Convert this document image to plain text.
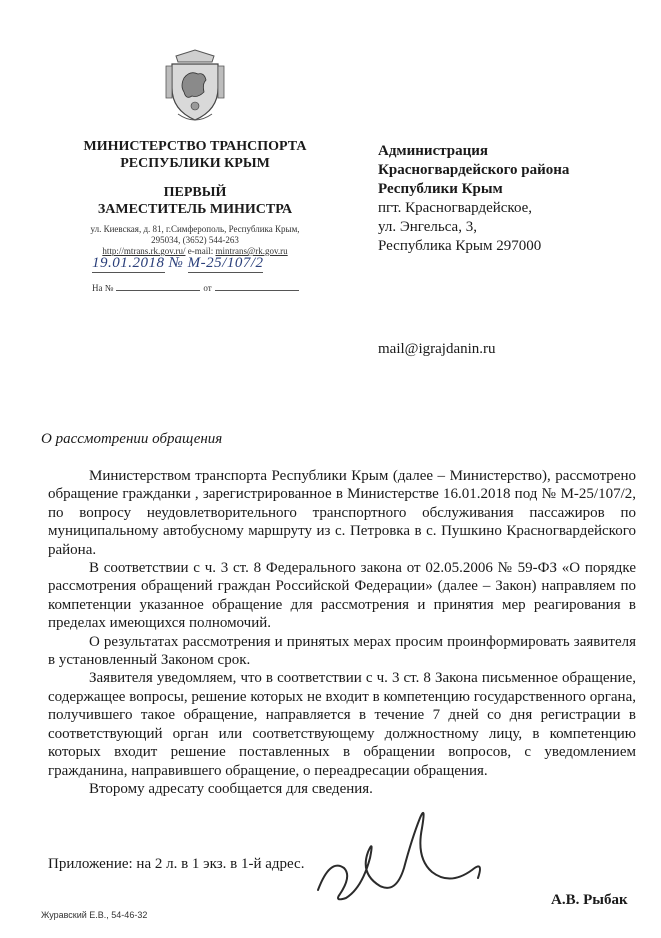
МИНИСТЕРСТВО ТРАНСПОРТА
РЕСПУБЛИКИ КРЫМ
ПЕРВЫЙ
ЗАМЕСТИТЕЛЬ МИНИСТРА
ул. Киевская, д. 81, г.Симферополь, Республика Крым,
295034, (3652) 544-263
http://mtrans.rk.gov.ru/ e-mail: mintrans@rk.gov.ru
19.01.2018 № М-25/107/2
На №	от
Администрация
Красногвардейского района
Республики Крым
пгт. Красногвардейское,
ул. Энгельса, 3,
Республика Крым 297000
mail@igrajdanin.ru
О рассмотрении обращения

Министерством транспорта Республики Крым (далее – Министерство), рассмотрено обращение гражданки , зарегистрированное в Министерстве 16.01.2018 под № М-25/107/2, по вопросу неудовлетворительного транспортного обслуживания пассажиров по муниципальному автобусному маршруту из с. Петровка в с. Пушкино Красногвардейского района.

В соответствии с ч. 3 ст. 8 Федерального закона от 02.05.2006 № 59-ФЗ «О порядке рассмотрения обращений граждан Российской Федерации» (далее – Закон) направляем по компетенции указанное обращение для рассмотрения и принятия мер реагирования в пределах имеющихся полномочий.

О результатах рассмотрения и принятых мерах просим проинформировать заявителя в установленный Законом срок.

Заявителя уведомляем, что в соответствии с ч. 3 ст. 8 Закона письменное обращение, содержащее вопросы, решение которых не входит в компетенцию государственного органа, получившего такое обращение, направляется в течение 7 дней со дня регистрации в соответствующий орган или соответствующему должностному лицу, в компетенцию которых входит решение поставленных в обращении вопросов, с уведомлением гражданина, направившего обращение, о переадресации обращения.

Второму адресату сообщается для сведения.

Приложение: на 2 л. в 1 экз. в 1-й адрес.
А.В. Рыбак
Журавский Е.В., 54-46-32
